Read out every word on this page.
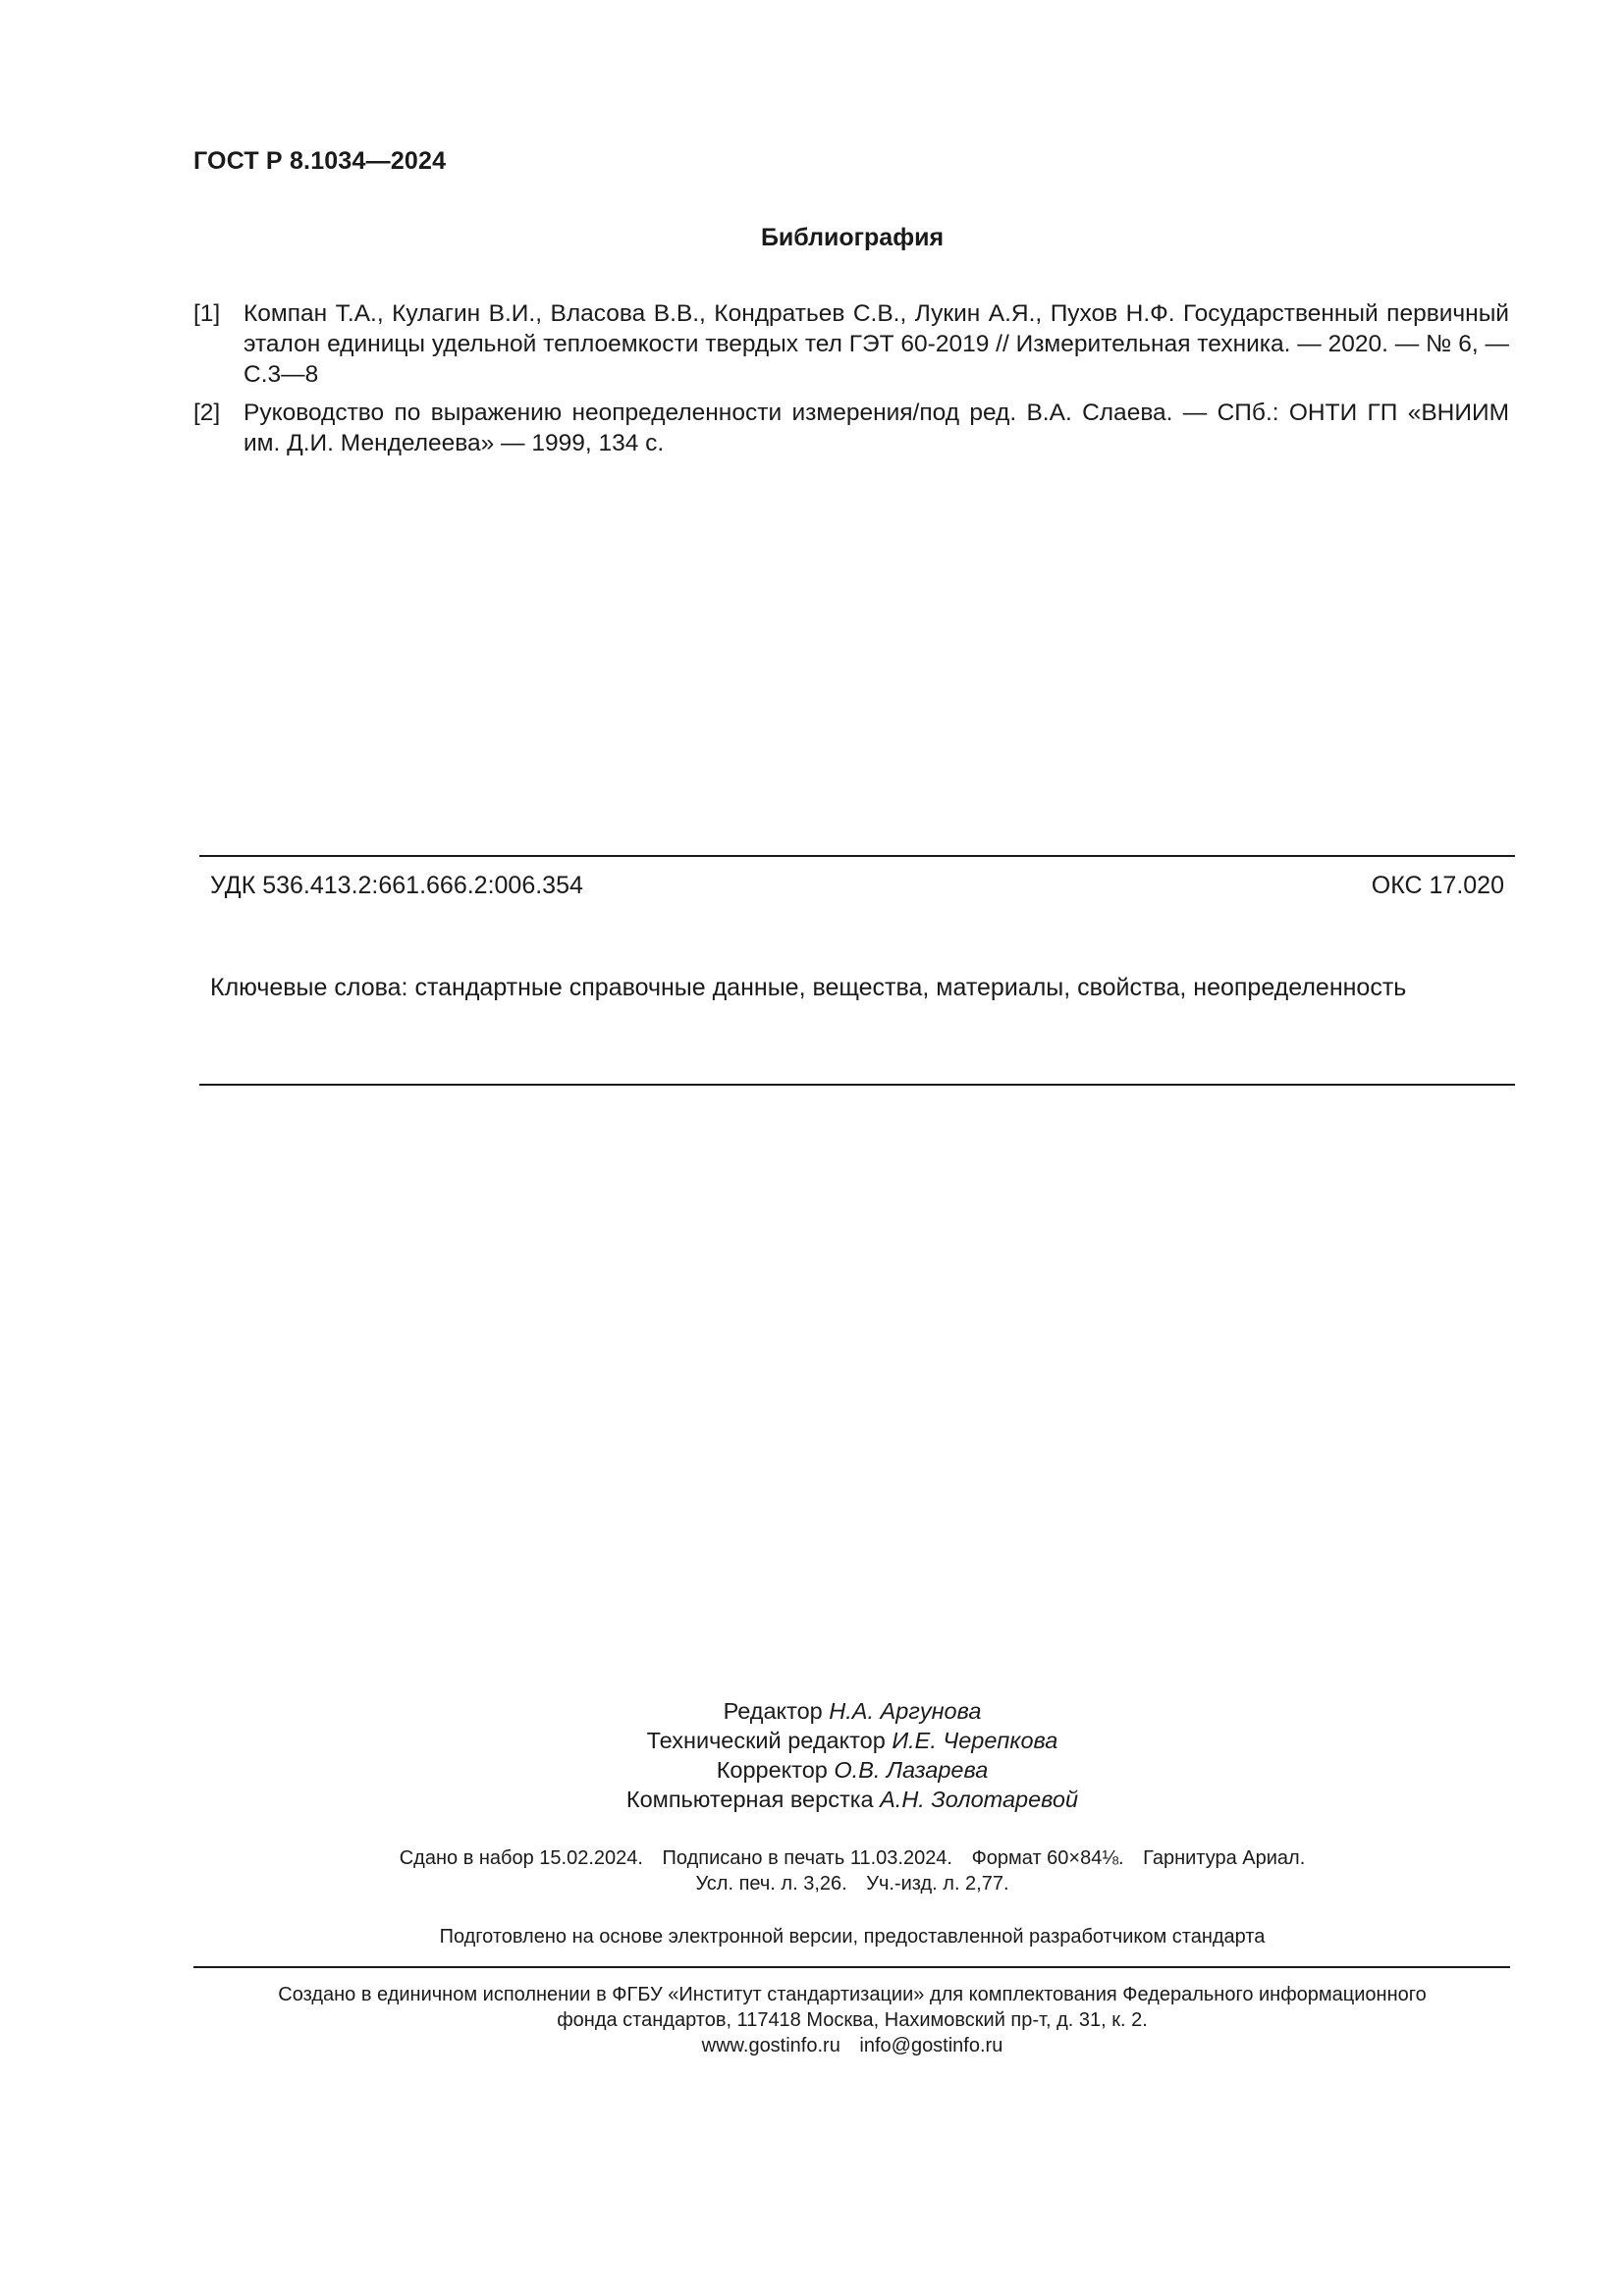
ГОСТ Р 8.1034—2024
Библиография
[1] Компан Т.А., Кулагин В.И., Власова В.В., Кондратьев С.В., Лукин А.Я., Пухов Н.Ф. Государственный первичный эталон единицы удельной теплоемкости твердых тел ГЭТ 60-2019 // Измерительная техника. — 2020. — № 6, — С.3—8
[2] Руководство по выражению неопределенности измерения/под ред. В.А. Слаева. — СПб.: ОНТИ ГП «ВНИИМ им. Д.И. Менделеева» — 1999, 134 с.
УДК 536.413.2:661.666.2:006.354	ОКС 17.020
Ключевые слова: стандартные справочные данные, вещества, материалы, свойства, неопределенность
Редактор Н.А. Аргунова
Технический редактор И.Е. Черепкова
Корректор О.В. Лазарева
Компьютерная верстка А.Н. Золотаревой
Сдано в набор 15.02.2024. Подписано в печать 11.03.2024. Формат 60×84⅛. Гарнитура Ариал.
Усл. печ. л. 3,26. Уч.-изд. л. 2,77.
Подготовлено на основе электронной версии, предоставленной разработчиком стандарта
Создано в единичном исполнении в ФГБУ «Институт стандартизации» для комплектования Федерального информационного
фонда стандартов, 117418 Москва, Нахимовский пр-т, д. 31, к. 2.
www.gostinfo.ru info@gostinfo.ru
